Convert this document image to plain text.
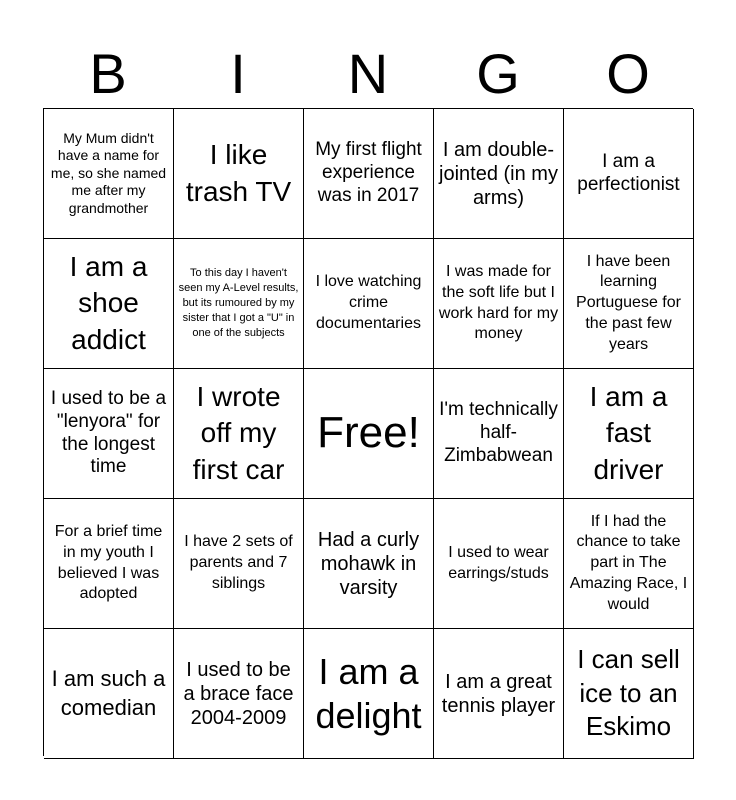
B	I	N	G	O
My Mum didn't have a name for me, so she named me after my grandmother
I like trash TV
My first flight experience was in 2017
I am double-jointed (in my arms)
I am a perfectionist
I am a shoe addict
To this day I haven't seen my A-Level results, but its rumoured by my sister that I got a "U" in one of the subjects
I love watching crime documentaries
I was made for the soft life but I work hard for my money
I have been learning Portuguese for the past few years
I used to be a "lenyora" for the longest time
I wrote off my first car
Free! I'm technically half-Zimbabwean
I am a fast driver
For a brief time in my youth I believed I was adopted
I have 2 sets of parents and 7 siblings
Had a curly mohawk in varsity
I used to wear earrings/studs
If I had the chance to take part in The Amazing Race, I would
I am such a comedian
I used to be a brace face 2004-2009
I am a delight
I am a great tennis player
I can sell ice to an Eskimo
